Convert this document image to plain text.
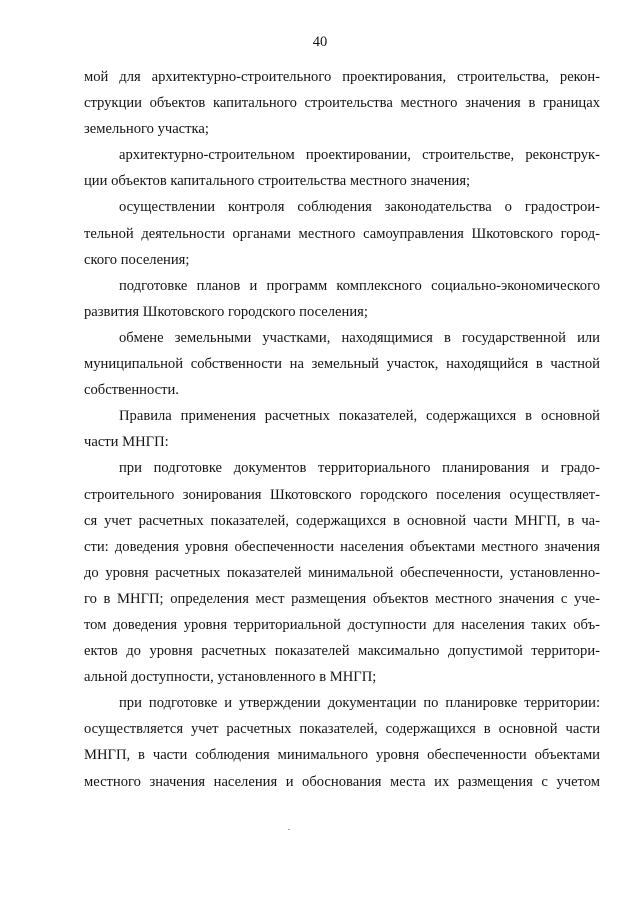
40
мой для архитектурно-строительного проектирования, строительства, рекон-
струкции объектов капитального строительства местного значения в границах
земельного участка;
архитектурно-строительном проектировании, строительстве, реконструк-
ции объектов капитального строительства местного значения;
осуществлении контроля соблюдения законодательства о градострои-
тельной деятельности органами местного самоуправления Шкотовского город-
ского поселения;
подготовке планов и программ комплексного социально-экономического
развития Шкотовского городского поселения;
обмене земельными участками, находящимися в государственной или
муниципальной собственности на земельный участок, находящийся в частной
собственности.
Правила применения расчетных показателей, содержащихся в основной
части МНГП:
при подготовке документов территориального планирования и градо-
строительного зонирования Шкотовского городского поселения осуществляет-
ся учет расчетных показателей, содержащихся в основной части МНГП, в ча-
сти: доведения уровня обеспеченности населения объектами местного значения
до уровня расчетных показателей минимальной обеспеченности, установленно-
го в МНГП; определения мест размещения объектов местного значения с уче-
том доведения уровня территориальной доступности для населения таких объ-
ектов до уровня расчетных показателей максимально допустимой территори-
альной доступности, установленного в МНГП;
при подготовке и утверждении документации по планировке территории:
осуществляется учет расчетных показателей, содержащихся в основной части
МНГП, в части соблюдения минимального уровня обеспеченности объектами
местного значения населения и обоснования места их размещения с учетом
